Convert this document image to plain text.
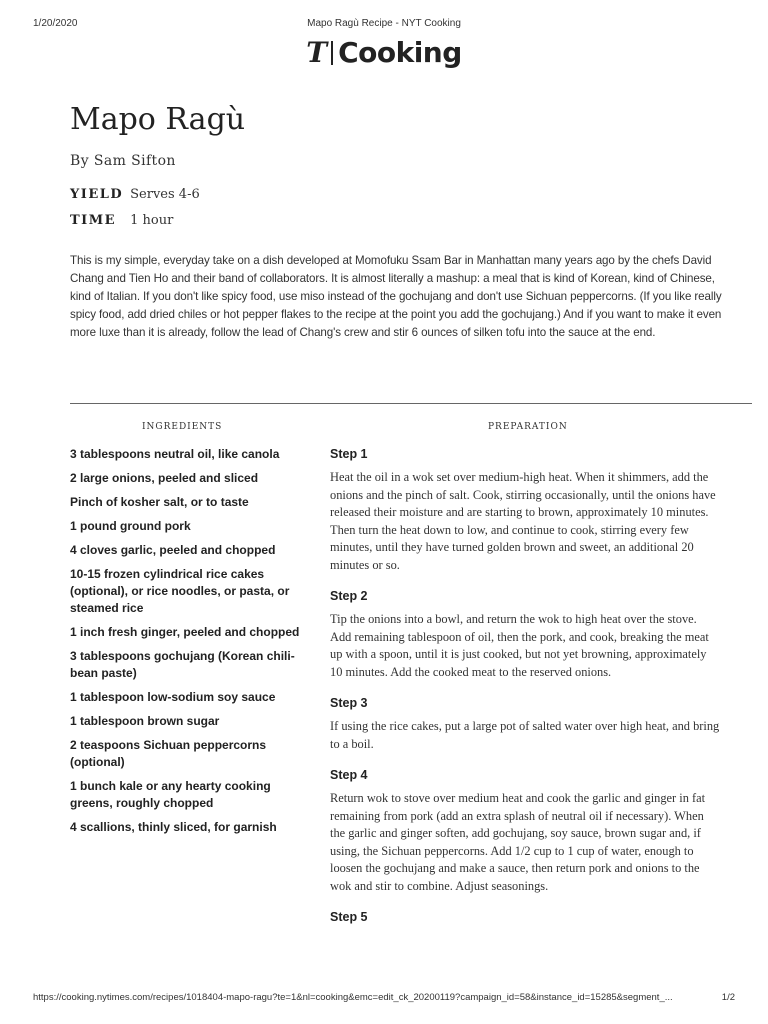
1/20/2020	Mapo Ragù Recipe - NYT Cooking
T Cooking
Mapo Ragù
By Sam Sifton
YIELD Serves 4-6
TIME 1 hour

This is my simple, everyday take on a dish developed at Momofuku Ssam Bar in Manhattan many years ago by the chefs David Chang and Tien Ho and their band of collaborators. It is almost literally a mashup: a meal that is kind of Korean, kind of Chinese, kind of Italian. If you don't like spicy food, use miso instead of the gochujang and don't use Sichuan peppercorns. (If you like really spicy food, add dried chiles or hot pepper flakes to the recipe at the point you add the gochujang.) And if you want to make it even more luxe than it is already, follow the lead of Chang's crew and stir 6 ounces of silken tofu into the sauce at the end.

INGREDIENTS	PREPARATION
3 tablespoons neutral oil, like canola
2 large onions, peeled and sliced
Pinch of kosher salt, or to taste
1 pound ground pork
4 cloves garlic, peeled and chopped
10-15 frozen cylindrical rice cakes (optional), or rice noodles, or pasta, or steamed rice
1 inch fresh ginger, peeled and chopped
3 tablespoons gochujang (Korean chili-bean paste)
1 tablespoon low-sodium soy sauce
1 tablespoon brown sugar
2 teaspoons Sichuan peppercorns (optional)
1 bunch kale or any hearty cooking greens, roughly chopped
4 scallions, thinly sliced, for garnish
Step 1

Heat the oil in a wok set over medium-high heat. When it shimmers, add the onions and the pinch of salt. Cook, stirring occasionally, until the onions have released their moisture and are starting to brown, approximately 10 minutes. Then turn the heat down to low, and continue to cook, stirring every few minutes, until they have turned golden brown and sweet, an additional 20 minutes or so.

Step 2

Tip the onions into a bowl, and return the wok to high heat over the stove. Add remaining tablespoon of oil, then the pork, and cook, breaking the meat up with a spoon, until it is just cooked, but not yet browning, approximately 10 minutes. Add the cooked meat to the reserved onions.

Step 3

If using the rice cakes, put a large pot of salted water over high heat, and bring to a boil.

Step 4

Return wok to stove over medium heat and cook the garlic and ginger in fat remaining from pork (add an extra splash of neutral oil if necessary). When the garlic and ginger soften, add gochujang, soy sauce, brown sugar and, if using, the Sichuan peppercorns. Add 1/2 cup to 1 cup of water, enough to loosen the gochujang and make a sauce, then return pork and onions to the wok and stir to combine. Adjust seasonings.

Step 5
https://cooking.nytimes.com/recipes/1018404-mapo-ragu?te=1&nl=cooking&emc=edit_ck_20200119?campaign_id=58&instance_id=15285&segment_...	1/2
